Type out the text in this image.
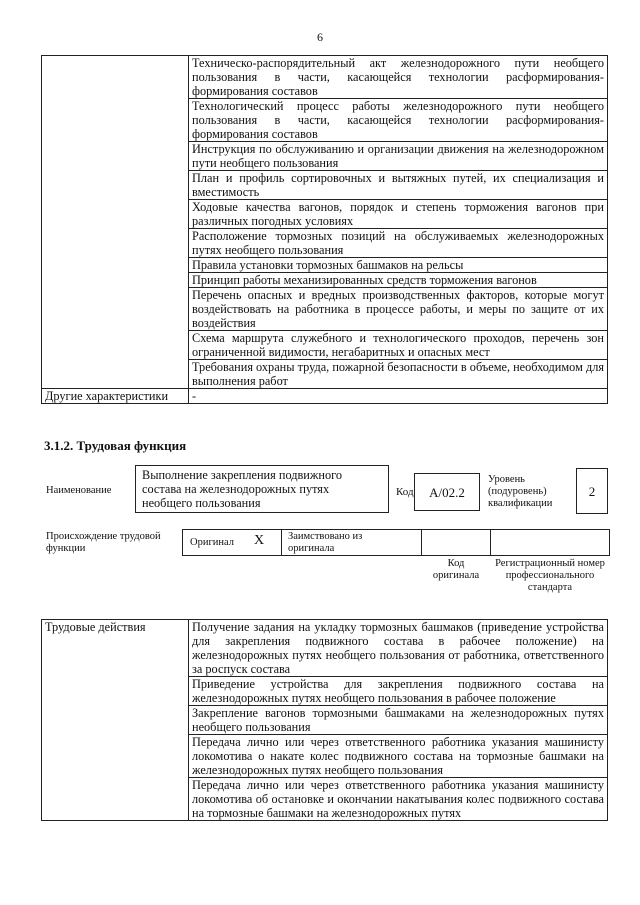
6
	Техническо-распорядительный акт железнодорожного пути необщего пользования в части, касающейся технологии расформирования-формирования составов
	Технологический процесс работы железнодорожного пути необщего пользования в части, касающейся технологии расформирования-формирования составов
	Инструкция по обслуживанию и организации движения на железнодорожном пути необщего пользования
	План и профиль сортировочных и вытяжных путей, их специализация и вместимость
	Ходовые качества вагонов, порядок и степень торможения вагонов при различных погодных условиях
	Расположение тормозных позиций на обслуживаемых железнодорожных путях необщего пользования
	Правила установки тормозных башмаков на рельсы
	Принцип работы механизированных средств торможения вагонов
	Перечень опасных и вредных производственных факторов, которые могут воздействовать на работника в процессе работы, и меры по защите от их воздействия
	Схема маршрута служебного и технологического проходов, перечень зон ограниченной видимости, негабаритных и опасных мест
	Требования охраны труда, пожарной безопасности в объеме, необходимом для выполнения работ
Другие характеристики	-
3.1.2. Трудовая функция
Наименование
Выполнение закрепления подвижного состава на железнодорожных путях необщего пользования
Код	A/02.2
Уровень (подуровень) квалификации
2
Происхождение трудовой функции
Оригинал X Заимствовано из оригинала
Код оригинала
Регистрационный номер профессионального стандарта
Трудовые действия	Получение задания на укладку тормозных башмаков (приведение устройства для закрепления подвижного состава в рабочее положение) на железнодорожных путях необщего пользования от работника, ответственного за роспуск состава
Приведение устройства для закрепления подвижного состава на железнодорожных путях необщего пользования в рабочее положение
Закрепление вагонов тормозными башмаками на железнодорожных путях необщего пользования
Передача лично или через ответственного работника указания машинисту локомотива о накате колес подвижного состава на тормозные башмаки на железнодорожных путях необщего пользования
Передача лично или через ответственного работника указания машинисту локомотива об остановке и окончании накатывания колес подвижного состава на тормозные башмаки на железнодорожных путях
